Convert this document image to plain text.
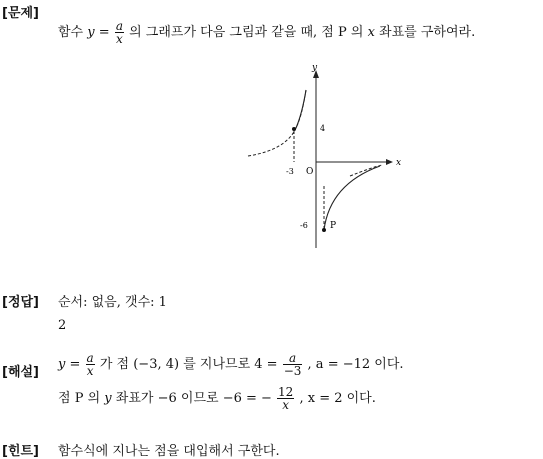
[문제]
함수 $y = \frac{a}{x}$ 의 그래프가 다음 그림과 같을 때, 점 P 의 x 좌표를 구하여라.
y
x
O
4
-3
-6 P
[정답] 순서: 없음, 갯수: 1
2
[해설]
$y = \frac{a}{x}$ 가 점 (−3, 4) 를 지나므로 $4 = \frac{a}{-3}$ , a = −12 이다.
점 P 의 y 좌표가 −6 이므로 −6 = − $\frac{12}{x}$ , x = 2 이다.
[힌트] 함수식에 지나는 점을 대입해서 구한다.
